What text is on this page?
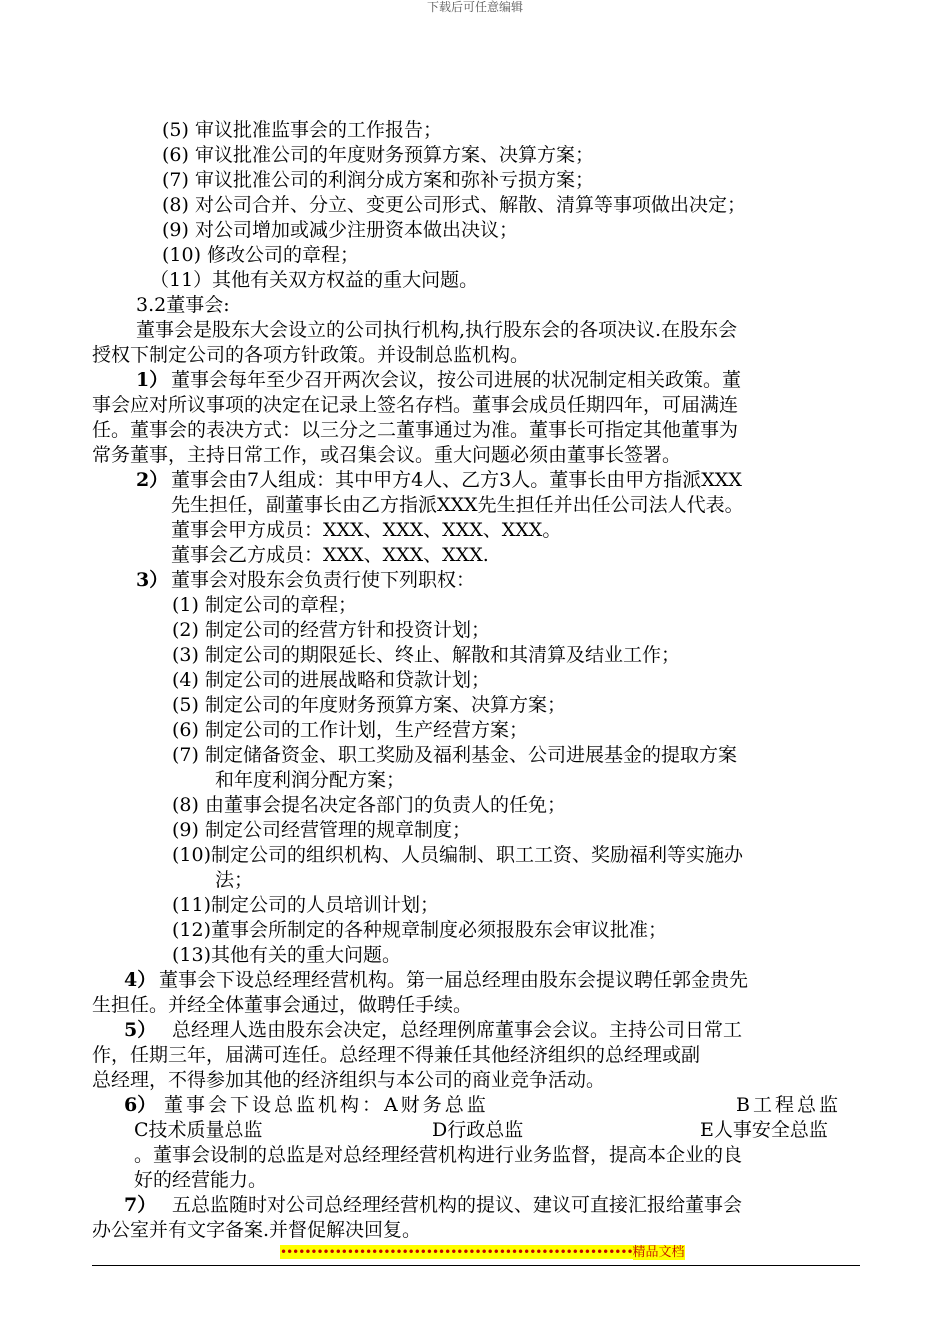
下载后可任意编辑
(5) 审议批准监事会的工作报告；
(6) 审议批准公司的年度财务预算方案、决算方案；
(7) 审议批准公司的利润分成方案和弥补亏损方案；
(8) 对公司合并、分立、变更公司形式、解散、清算等事项做出决定；
(9) 对公司增加或减少注册资本做出决议；
(10) 修改公司的章程；
（11）其他有关双方权益的重大问题。
3.2董事会:
董事会是股东大会设立的公司执行机构,执行股东会的各项决议.在股东会
授权下制定公司的各项方针政策。并设制总监机构。
1） 董事会每年至少召开两次会议，按公司进展的状况制定相关政策。董
事会应对所议事项的决定在记录上签名存档。董事会成员任期四年，可届满连
任。董事会的表决方式：以三分之二董事通过为准。董事长可指定其他董事为
常务董事，主持日常工作，或召集会议。重大问题必须由董事长签署。
2） 董事会由7人组成：其中甲方4人、乙方3人。董事长由甲方指派XXX
先生担任，副董事长由乙方指派XXX先生担任并出任公司法人代表。
董事会甲方成员：XXX、XXX、XXX、XXX。
董事会乙方成员：XXX、XXX、XXX.
3） 董事会对股东会负责行使下列职权：
(1) 制定公司的章程；
(2) 制定公司的经营方针和投资计划；
(3) 制定公司的期限延长、终止、解散和其清算及结业工作；
(4) 制定公司的进展战略和贷款计划；
(5) 制定公司的年度财务预算方案、决算方案；
(6) 制定公司的工作计划，生产经营方案；
(7) 制定储备资金、职工奖励及福利基金、公司进展基金的提取方案
和年度利润分配方案；
(8) 由董事会提名决定各部门的负责人的任免；
(9) 制定公司经营管理的规章制度；
(10)制定公司的组织机构、人员编制、职工工资、奖励福利等实施办
法；
(11)制定公司的人员培训计划；
(12)董事会所制定的各种规章制度必须报股东会审议批准；
(13)其他有关的重大问题。
4） 董事会下设总经理经营机构。第一届总经理由股东会提议聘任郭金贵先
生担任。并经全体董事会通过，做聘任手续。
5） 总经理人选由股东会决定，总经理例席董事会会议。主持公司日常工
作，任期三年，届满可连任。总经理不得兼任其他经济组织的总经理或副
总经理，不得参加其他的经济组织与本公司的商业竞争活动。
6） 董事会下设总监机构：A财务总监	B工程总监
C技术质量总监	D行政总监	E人事安全总监
。董事会设制的总监是对总经理经营机构进行业务监督，提高本企业的良
好的经营能力。
7） 五总监随时对公司总经理经营机构的提议、建议可直接汇报给董事会
办公室并有文字备案.并督促解决回复。
••••••••••••••••••••••••••••••••••••••••••••••••••••••••••精品文档
